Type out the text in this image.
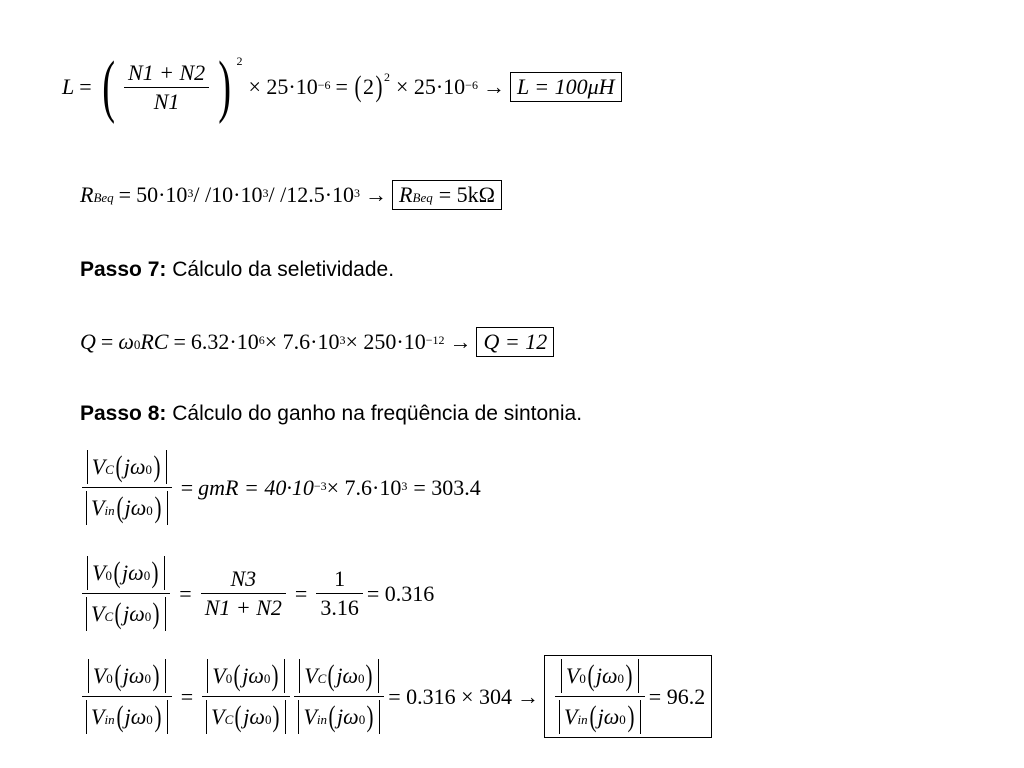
L = ( $\frac{N1 + N2}{N1}$ ) 2
× 25·10 −6 = ( 2 ) 2 × 25·10 −6 → L = 100μH
R Beq = 50·10 3 / /10·10 3 / /12.5·10 3 → R Beq = 5kΩ
Passo 7: Cálculo da seletividade.
Q = ω 0 RC = 6.32·10 6 × 7.6·10 3 × 250·10 −12 → Q = 12
Passo 8: Cálculo do ganho na freqüência de sintonia.
$\frac{\text{V C ( j ω 0 )}}{\text{V in ( j ω 0 )}}$ = gmR = 40·10 −3 × 7.6·10 3 = 303.4
$\frac{\text{V 0 ( j ω 0 )}}{\text{V C ( j ω 0 )}} = \frac{N3}{N1 + N2} = \frac{1}{3.16} = 0.316$
$\frac{\text{V 0 ( j ω 0 )}}{\text{V in ( j ω 0 )}} = \frac{\text{V 0 ( j ω 0 )}}{\text{V C ( j ω 0 )}} \frac{\text{V C ( j ω 0 )}}{\text{V in ( j ω 0 )}} = 0.316 \times 304 \to \frac{\text{V 0 ( j ω 0 )}}{\text{V in ( j ω 0 )}} = 96.2$
